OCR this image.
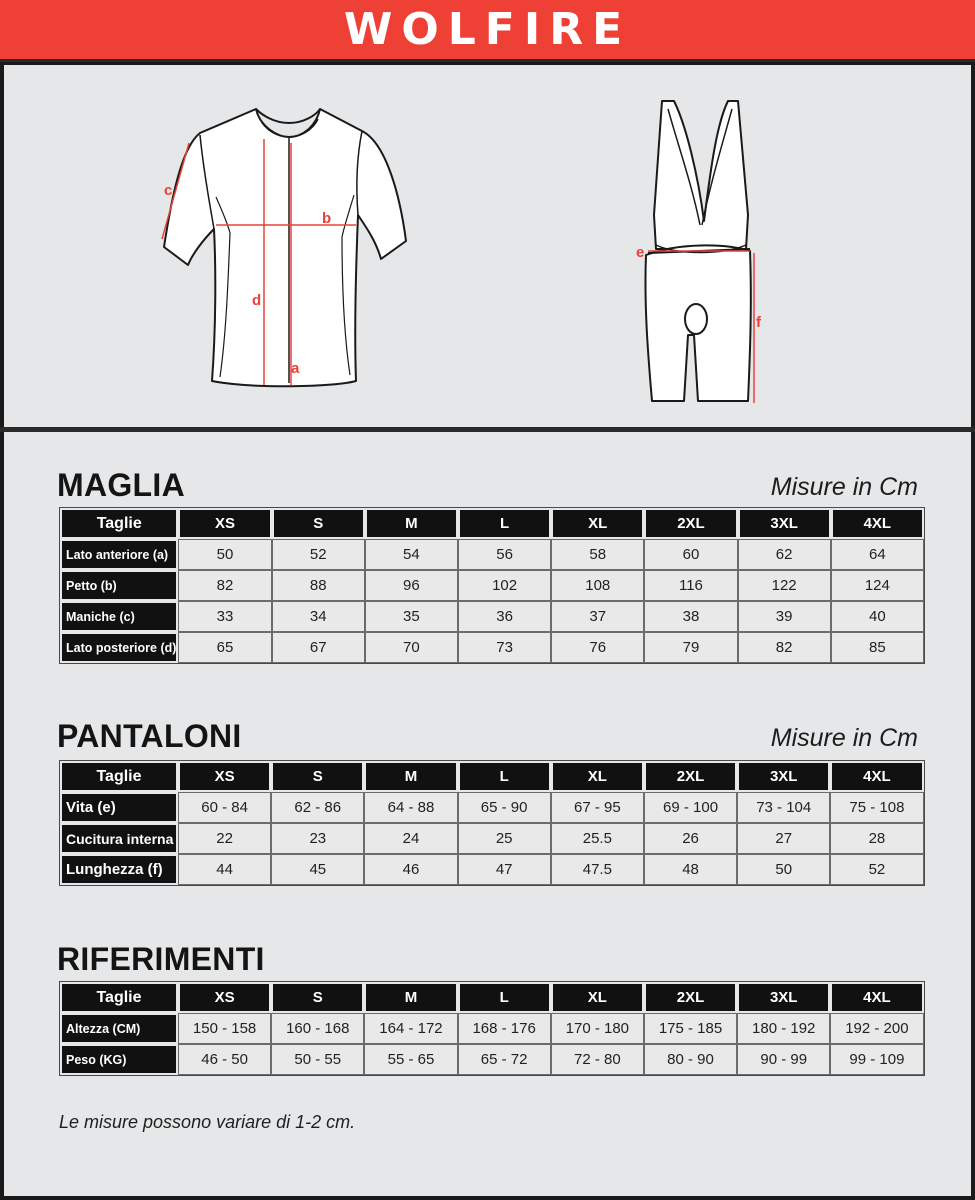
WOLFIRE
c
b
d
a
e
f
MAGLIA	Misure in Cm
Taglie	XS	S	M	L	XL	2XL	3XL	4XL
Lato anteriore (a)	50	52	54	56	58	60	62	64
Petto (b)	82	88	96	102	108	116	122	124
Maniche (c)	33	34	35	36	37	38	39	40
Lato posteriore (d)	65	67	70	73	76	79	82	85
PANTALONI	Misure in Cm
Taglie	XS	S	M	L	XL	2XL	3XL	4XL
Vita (e)	60 - 84	62 - 86	64 - 88	65 - 90	67 - 95	69 - 100	73 - 104	75 - 108
Cucitura interna	22	23	24	25	25.5	26	27	28
Lunghezza (f)	44	45	46	47	47.5	48	50	52
RIFERIMENTI
Taglie	XS	S	M	L	XL	2XL	3XL	4XL
Altezza (CM)	150 - 158	160 - 168	164 - 172	168 - 176	170 - 180	175 - 185	180 - 192	192 - 200
Peso (KG)	46 - 50	50 - 55	55 - 65	65 - 72	72 - 80	80 - 90	90 - 99	99 - 109

Le misure possono variare di 1-2 cm.
